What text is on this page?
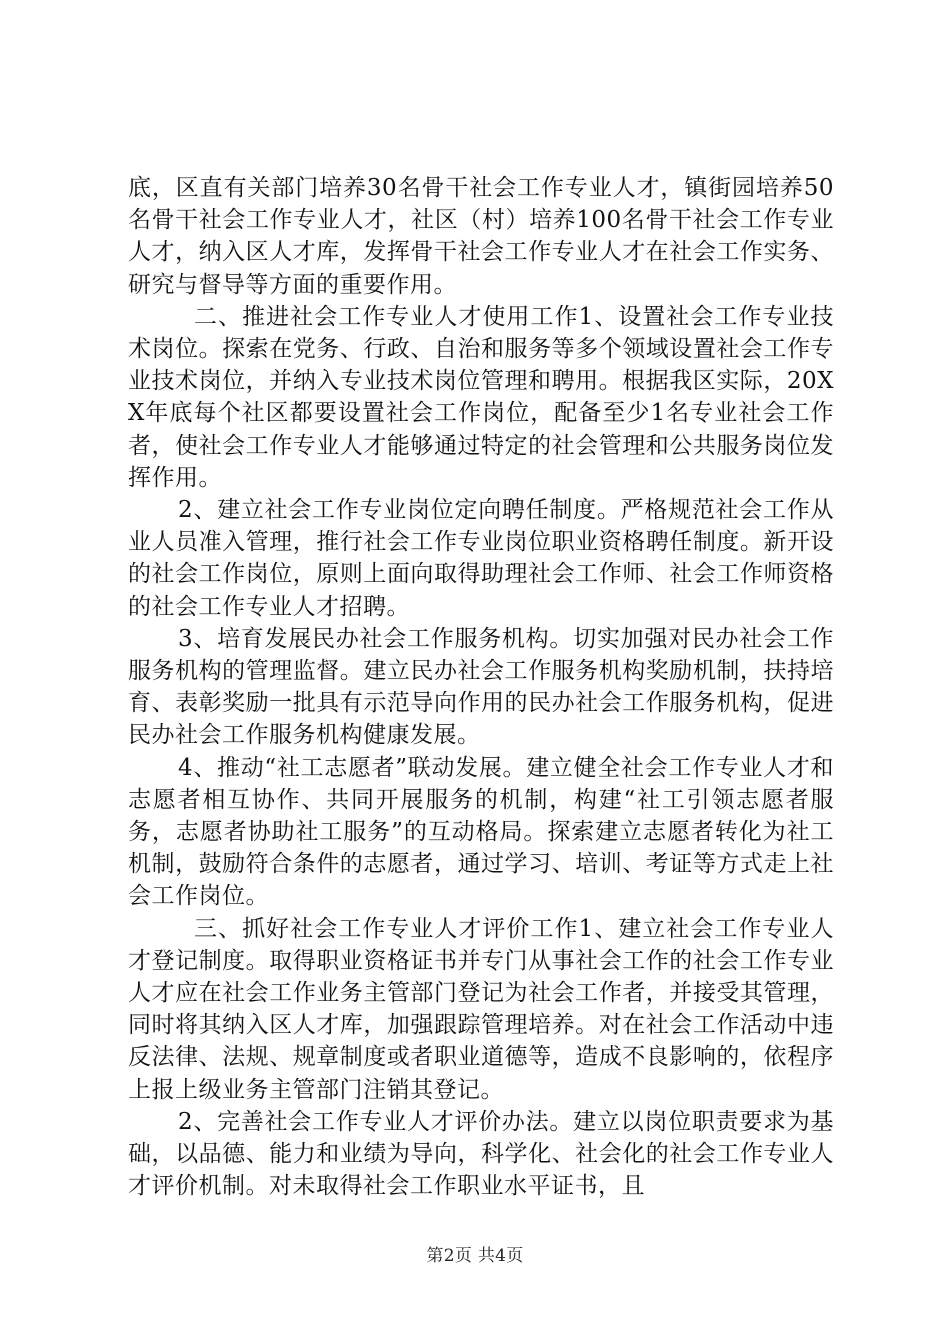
底，区直有关部门培养30名骨干社会工作专业人才，镇街园培养50名骨干社会工作专业人才，社区（村）培养100名骨干社会工作专业人才，纳入区人才库，发挥骨干社会工作专业人才在社会工作实务、研究与督导等方面的重要作用。

二、推进社会工作专业人才使用工作1、设置社会工作专业技术岗位。探索在党务、行政、自治和服务等多个领域设置社会工作专业技术岗位，并纳入专业技术岗位管理和聘用。根据我区实际，20XX年底每个社区都要设置社会工作岗位，配备至少1名专业社会工作者，使社会工作专业人才能够通过特定的社会管理和公共服务岗位发挥作用。

2、建立社会工作专业岗位定向聘任制度。严格规范社会工作从业人员准入管理，推行社会工作专业岗位职业资格聘任制度。新开设的社会工作岗位，原则上面向取得助理社会工作师、社会工作师资格的社会工作专业人才招聘。

3、培育发展民办社会工作服务机构。切实加强对民办社会工作服务机构的管理监督。建立民办社会工作服务机构奖励机制，扶持培育、表彰奖励一批具有示范导向作用的民办社会工作服务机构，促进民办社会工作服务机构健康发展。

4、推动“社工志愿者”联动发展。建立健全社会工作专业人才和志愿者相互协作、共同开展服务的机制，构建“社工引领志愿者服务，志愿者协助社工服务”的互动格局。探索建立志愿者转化为社工机制，鼓励符合条件的志愿者，通过学习、培训、考证等方式走上社会工作岗位。

三、抓好社会工作专业人才评价工作1、建立社会工作专业人才登记制度。取得职业资格证书并专门从事社会工作的社会工作专业人才应在社会工作业务主管部门登记为社会工作者，并接受其管理，同时将其纳入区人才库，加强跟踪管理培养。对在社会工作活动中违反法律、法规、规章制度或者职业道德等，造成不良影响的，依程序上报上级业务主管部门注销其登记。

2、完善社会工作专业人才评价办法。建立以岗位职责要求为基础，以品德、能力和业绩为导向，科学化、社会化的社会工作专业人才评价机制。对未取得社会工作职业水平证书，且

第2页 共4页
